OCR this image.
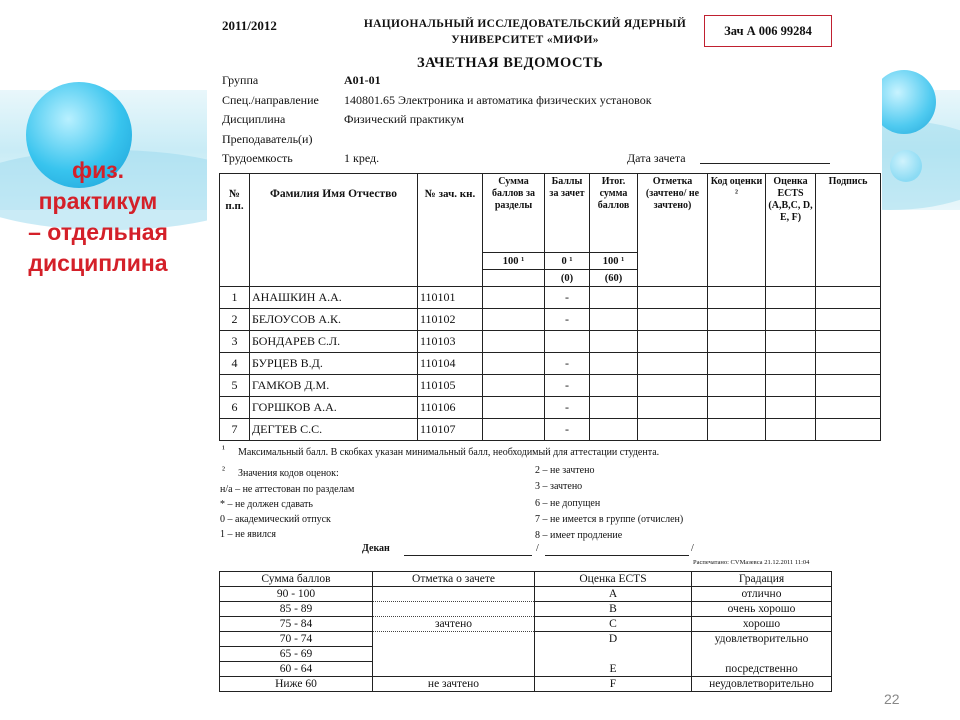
физ.
практикум
– отдельная
дисциплина
2011/2012	НАЦИОНАЛЬНЫЙ ИССЛЕДОВАТЕЛЬСКИЙ ЯДЕРНЫЙ
УНИВЕРСИТЕТ «МИФИ»
Зач А 006 99284
ЗАЧЕТНАЯ ВЕДОМОСТЬ
Группа	А01-01
Спец./направление 140801.65 Электроника и автоматика физических установок
Дисциплина	Физический практикум
Преподаватель(и)
Трудоемкость	1 кред.	Дата зачета
№ п.п.	Фамилия Имя Отчество	№ зач. кн.	Сумма баллов за разделы	Баллы за зачет	Итог. сумма баллов	Отметка (зачтено/ не зачтено)	Код оценки ²	Оценка ECTS (A,B,C, D, E, F)	Подпись
			100 ¹	0 ¹	100 ¹				
				(0)	(60)				
1	АНАШКИН А.А.	110101		-					
2	БЕЛОУСОВ А.К.	110102		-					
3	БОНДАРЕВ С.Л.	110103							
4	БУРЦЕВ В.Д.	110104		-					
5	ГАМКОВ Д.М.	110105		-					
6	ГОРШКОВ А.А.	110106		-					
7	ДЕГТЕВ С.С.	110107		-					
¹ Максимальный балл. В скобках указан минимальный балл, необходимый для аттестации студента.
² Значения кодов оценок:
н/а – не аттестован по разделам
* – не должен сдавать
0 – академический отпуск
1 – не явился
2 – не зачтено
3 – зачтено
6 – не допущен
7 – не имеется в группе (отчислен)
8 – имеет продление
Декан	/	/
Распечатано: СVMaзевса 21.12.2011 11:04
Сумма баллов	Отметка о зачете	Оценка ECTS	Градация
90 - 100		A	отлично
85 - 89		B	очень хорошо
75 - 84	зачтено	C	хорошо
70 - 74		D	удовлетворительно
65 - 69			
60 - 64		E	посредственно
Ниже 60	не зачтено	F	неудовлетворительно
22
